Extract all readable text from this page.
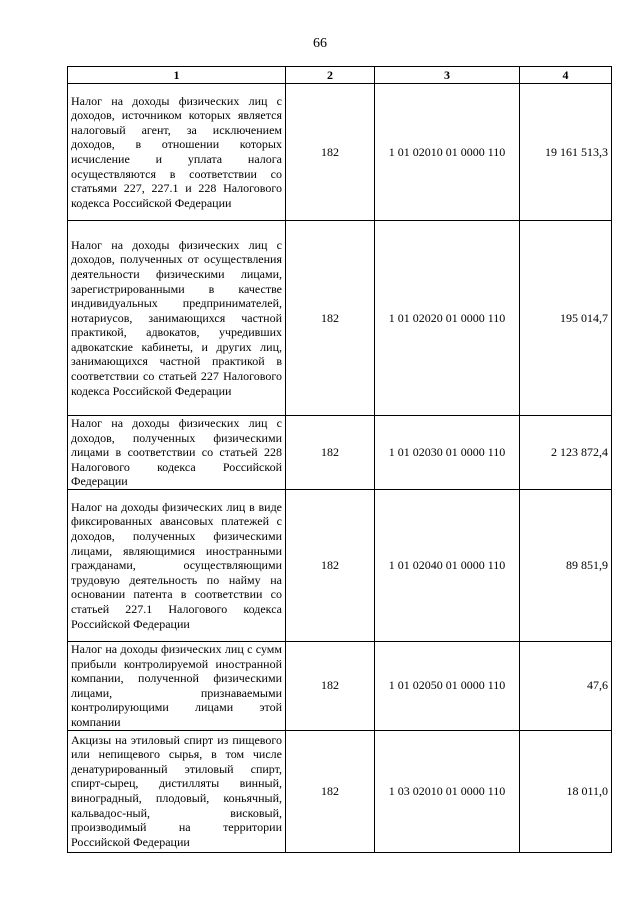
66
1	2	3	4

Налог на доходы физических лиц с доходов, источником которых является налоговый агент, за исключением доходов, в отношении которых исчисление и уплата налога осуществляются в соответствии со статьями 227, 227.1 и 228 Налогового кодекса Российской Федерации	182	1 01 02010 01 0000 110	19 161 513,3

Налог на доходы физических лиц с доходов, полученных от осуществления деятельности физическими лицами, зарегистрированными в качестве индивидуальных предпринимателей, нотариусов, занимающихся частной практикой, адвокатов, учредивших адвокатские кабинеты, и других лиц, занимающихся частной практикой в соответствии со статьей 227 Налогового кодекса Российской Федерации	182	1 01 02020 01 0000 110	195 014,7

Налог на доходы физических лиц с доходов, полученных физическими лицами в соответствии со статьей 228 Налогового кодекса Российской Федерации	182	1 01 02030 01 0000 110	2 123 872,4

Налог на доходы физических лиц в виде фиксированных авансовых платежей с доходов, полученных физическими лицами, являющимися иностранными гражданами, осуществляющими трудовую деятельность по найму на основании патента в соответствии со статьей 227.1 Налогового кодекса Российской Федерации	182	1 01 02040 01 0000 110	89 851,9

Налог на доходы физических лиц с сумм прибыли контролируемой иностранной компании, полученной физическими лицами, признаваемыми контролирующими лицами этой компании	182	1 01 02050 01 0000 110	47,6

Акцизы на этиловый спирт из пищевого или непищевого сырья, в том числе денатурированный этиловый спирт, спирт-сырец, дистилляты винный, виноградный, плодовый, коньячный, кальвадос-ный, висковый, производимый на территории Российской Федерации	182	1 03 02010 01 0000 110	18 011,0
